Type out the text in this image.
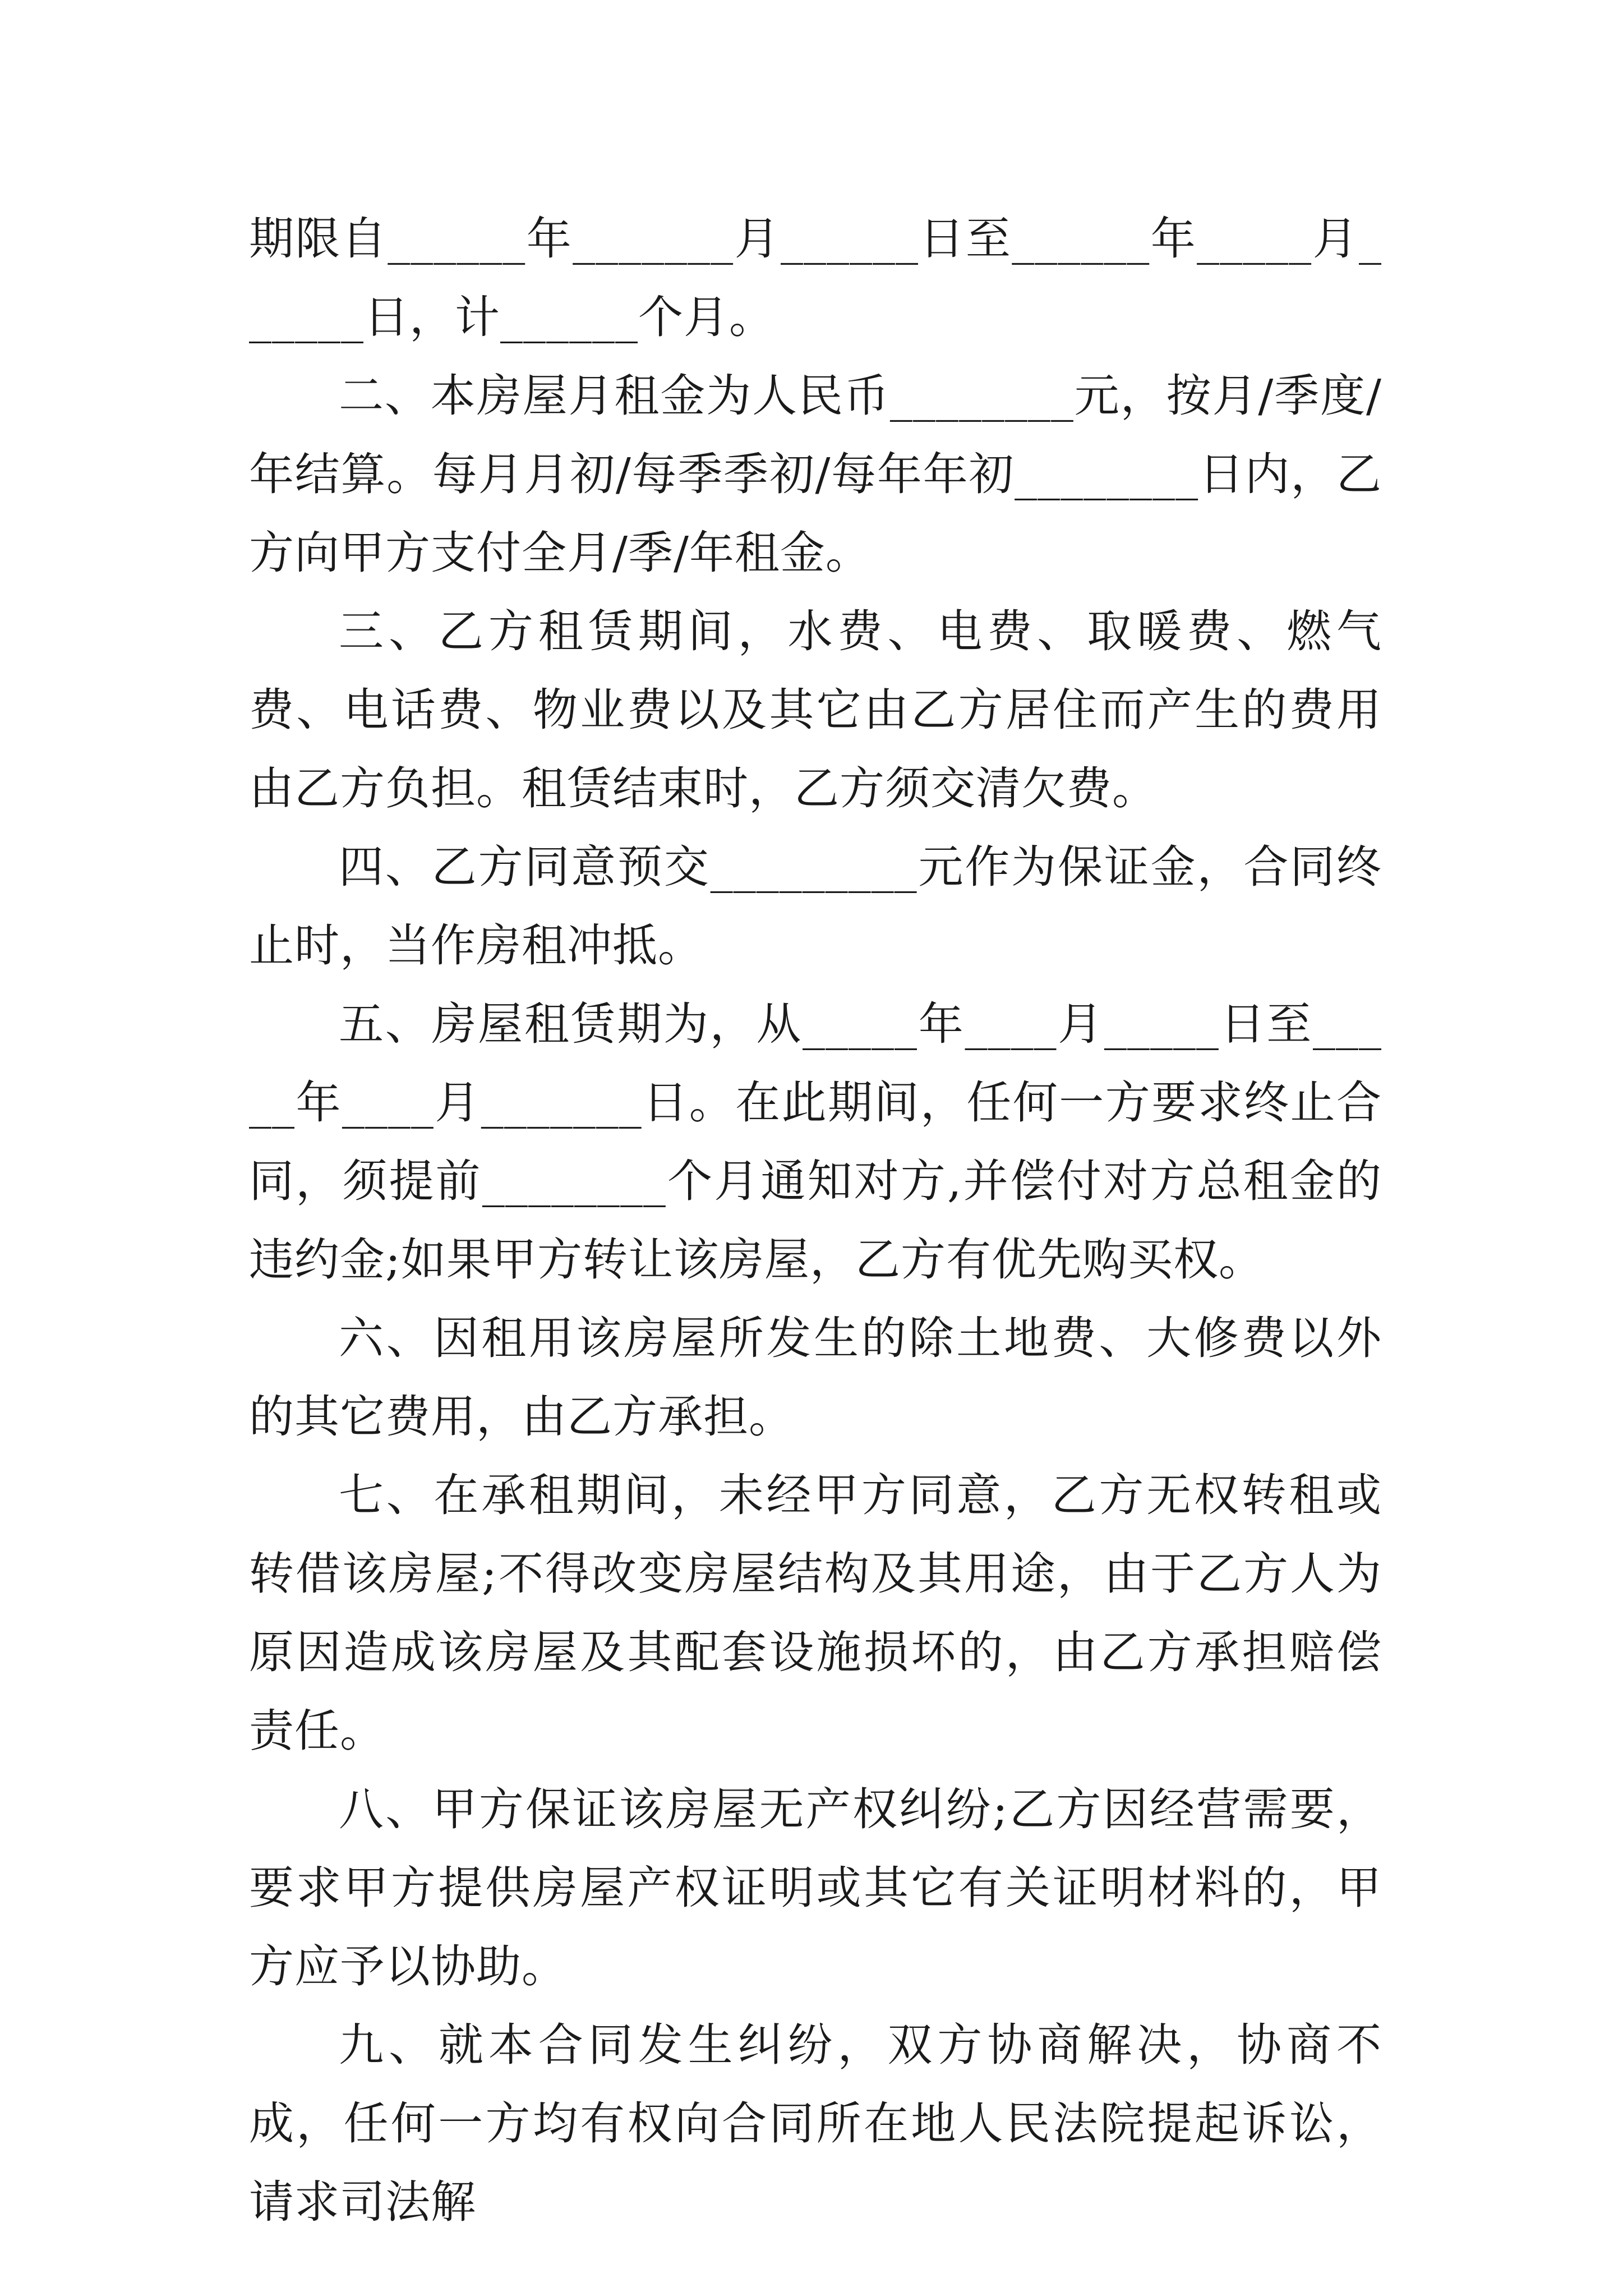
期限自______年_______月______日至______年_____月______日，计______个月。

二、本房屋月租金为人民币________元，按月/季度/年结算。每月月初/每季季初/每年年初________日内，乙方向甲方支付全月/季/年租金。

三、乙方租赁期间，水费、电费、取暖费、燃气费、电话费、物业费以及其它由乙方居住而产生的费用由乙方负担。租赁结束时，乙方须交清欠费。

四、乙方同意预交_________元作为保证金，合同终止时，当作房租冲抵。

五、房屋租赁期为，从_____年____月_____日至_____年____月_______日。在此期间，任何一方要求终止合同，须提前________个月通知对方,并偿付对方总租金的违约金;如果甲方转让该房屋，乙方有优先购买权。

六、因租用该房屋所发生的除土地费、大修费以外的其它费用，由乙方承担。

七、在承租期间，未经甲方同意，乙方无权转租或转借该房屋;不得改变房屋结构及其用途，由于乙方人为原因造成该房屋及其配套设施损坏的，由乙方承担赔偿责任。

八、甲方保证该房屋无产权纠纷;乙方因经营需要，要求甲方提供房屋产权证明或其它有关证明材料的，甲方应予以协助。

九、就本合同发生纠纷，双方协商解决，协商不成，任何一方均有权向合同所在地人民法院提起诉讼，请求司法解
